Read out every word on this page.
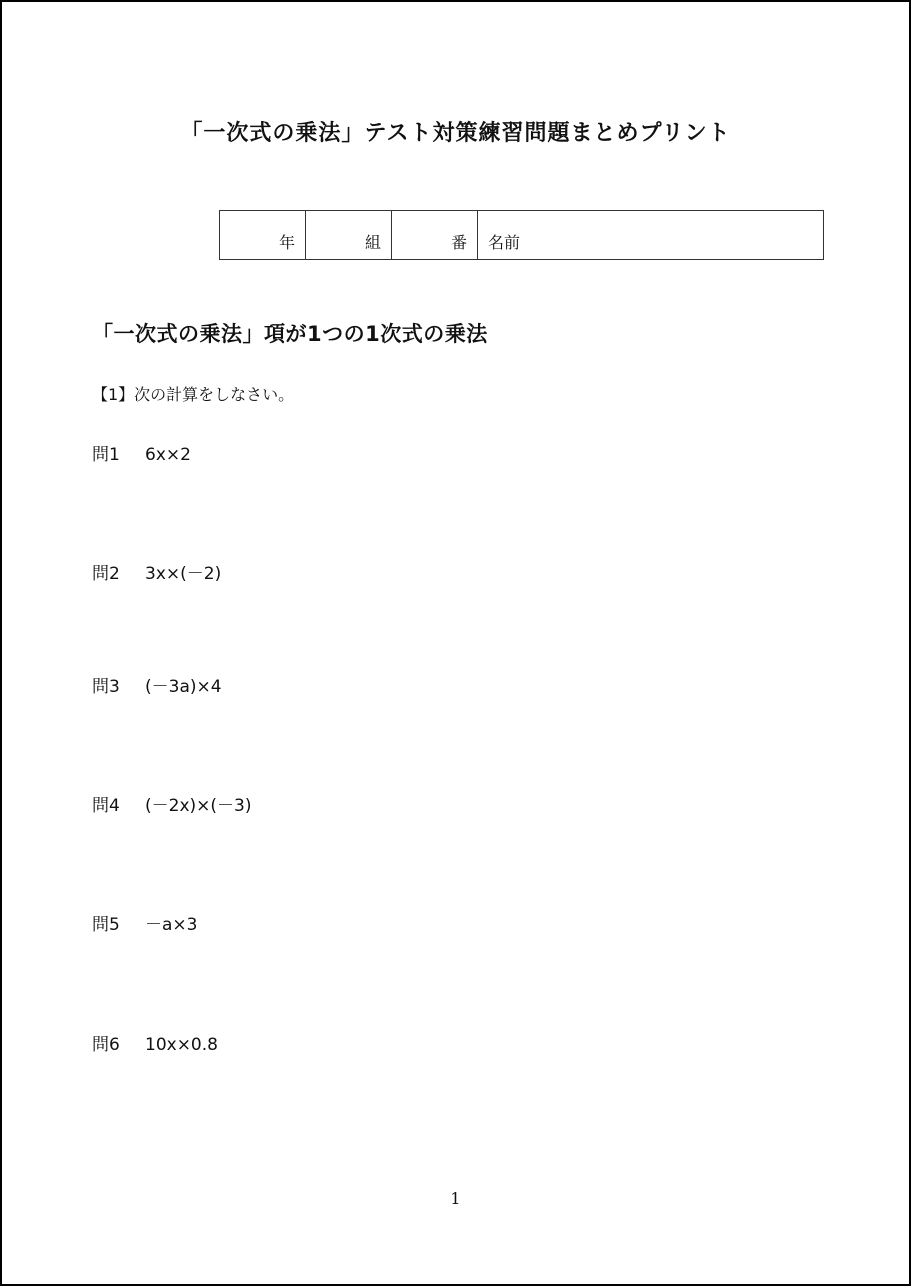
「一次式の乗法」テスト対策練習問題まとめプリント
年	組	番	名前
「一次式の乗法」項が1つの1次式の乗法
【1】次の計算をしなさい。
問1 6x×2
問2 3x×(－2)
問3 (－3a)×4
問4 (－2x)×(－3)
問5 －a×3
問6 10x×0.8
1
